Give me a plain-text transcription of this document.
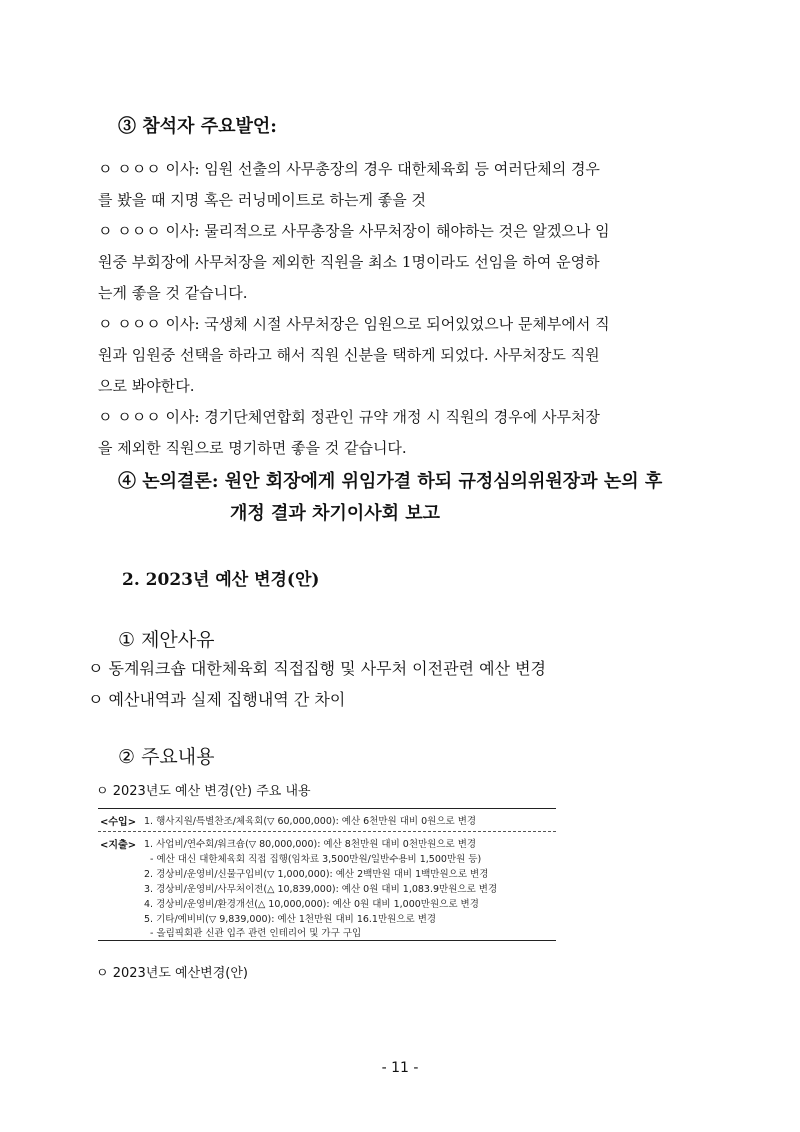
③ 참석자 주요발언:
ㅇ ㅇㅇㅇ 이사: 임원 선출의 사무총장의 경우 대한체육회 등 여러단체의 경우
를 봤을 때 지명 혹은 러닝메이트로 하는게 좋을 것
ㅇ ㅇㅇㅇ 이사: 물리적으로 사무총장을 사무처장이 해야하는 것은 알겠으나 임
원중 부회장에 사무처장을 제외한 직원을 최소 1명이라도 선임을 하여 운영하
는게 좋을 것 같습니다.
ㅇ ㅇㅇㅇ 이사: 국생체 시절 사무처장은 임원으로 되어있었으나 문체부에서 직
원과 임원중 선택을 하라고 해서 직원 신분을 택하게 되었다. 사무처장도 직원
으로 봐야한다.
ㅇ ㅇㅇㅇ 이사: 경기단체연합회 정관인 규약 개정 시 직원의 경우에 사무처장
을 제외한 직원으로 명기하면 좋을 것 같습니다.
④ 논의결론: 원안 회장에게 위임가결 하되 규정심의위원장과 논의 후
개정 결과 차기이사회 보고
2. 2023년 예산 변경(안)
① 제안사유
ㅇ 동계워크숍 대한체육회 직접집행 및 사무처 이전관련 예산 변경
ㅇ 예산내역과 실제 집행내역 간 차이
② 주요내용
ㅇ 2023년도 예산 변경(안) 주요 내용
<수입> 1. 행사지원/특별찬조/체육회(▽ 60,000,000): 예산 6천만원 대비 0원으로 변경
<지출> 1. 사업비/연수회/워크숍(▽ 80,000,000): 예산 8천만원 대비 0천만원으로 변경
- 예산 대신 대한체육회 직접 집행(임차료 3,500만원/일반수용비 1,500만원 등)
2. 경상비/운영비/신물구입비(▽ 1,000,000): 예산 2백만원 대비 1백만원으로 변경
3. 경상비/운영비/사무처이전(△ 10,839,000): 예산 0원 대비 1,083.9만원으로 변경
4. 경상비/운영비/환경개선(△ 10,000,000): 예산 0원 대비 1,000만원으로 변경
5. 기타/예비비(▽ 9,839,000): 예산 1천만원 대비 16.1만원으로 변경
- 올림픽회관 신관 입주 관련 인테리어 및 가구 구입
ㅇ 2023년도 예산변경(안)
- 11 -
